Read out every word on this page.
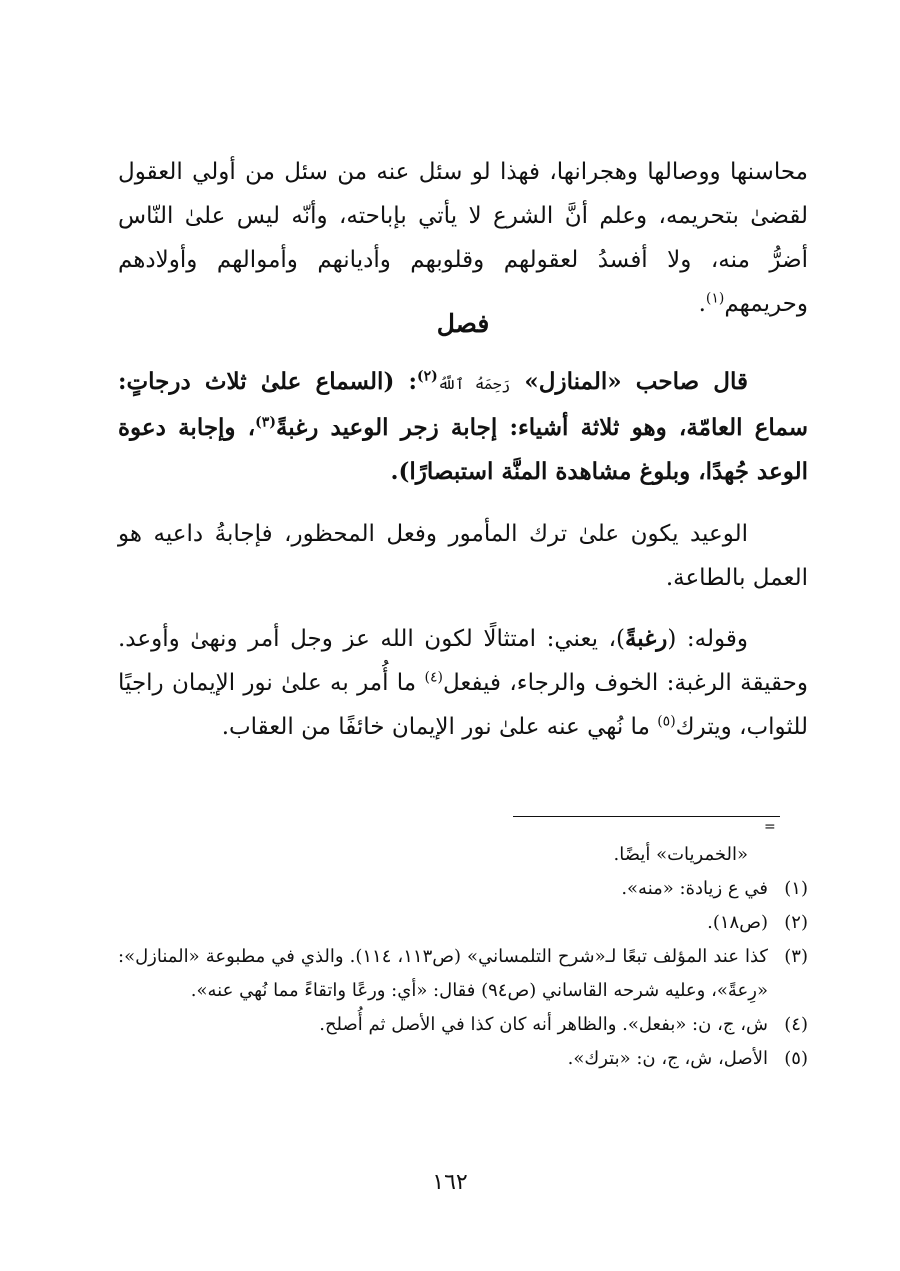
محاسنها ووصالها وهجرانها، فهذا لو سئل عنه من سئل من أولي العقول لقضىٰ بتحريمه، وعلم أنَّ الشرع لا يأتي بإباحته، وأنّه ليس علىٰ النّاس أضرُّ منه، ولا أفسدُ لعقولهم وقلوبهم وأديانهم وأموالهم وأولادهم وحريمهم$^{(١)}$.

فصل

قال صاحب «المنازل» رَحِمَهُ ٱللَّهُ$^{(٢)}$: (السماع علىٰ ثلاث درجاتٍ: سماع العامّة، وهو ثلاثة أشياء: إجابة زجر الوعيد رغبةً$^{(٣)}$، وإجابة دعوة الوعد جُهدًا، وبلوغ مشاهدة المنَّة استبصارًا).

الوعيد يكون علىٰ ترك المأمور وفعل المحظور، فإجابةُ داعيه هو العمل بالطاعة.

وقوله: (رغبةً)، يعني: امتثالًا لكون الله عز وجل أمر ونهىٰ وأوعد. وحقيقة الرغبة: الخوف والرجاء، فيفعل$^{(٤)}$ ما أُمر به علىٰ نور الإيمان راجيًا للثواب، ويترك$^{(٥)}$ ما نُهي عنه علىٰ نور الإيمان خائفًا من العقاب.

=

«الخمريات» أيضًا.

(١)
في ع زيادة: «منه».
(٢)
(ص١٨).
(٣)
كذا عند المؤلف تبعًا لـ«شرح التلمساني» (ص١١٣، ١١٤). والذي في مطبوعة «المنازل»: «رِعةً»، وعليه شرحه القاساني (ص٩٤) فقال: «أي: ورعًا واتقاءً مما نُهي عنه».
(٤)
ش، ج، ن: «بفعل». والظاهر أنه كان كذا في الأصل ثم أُصلح.
(٥)
الأصل، ش، ج، ن: «بترك».
١٦٢
